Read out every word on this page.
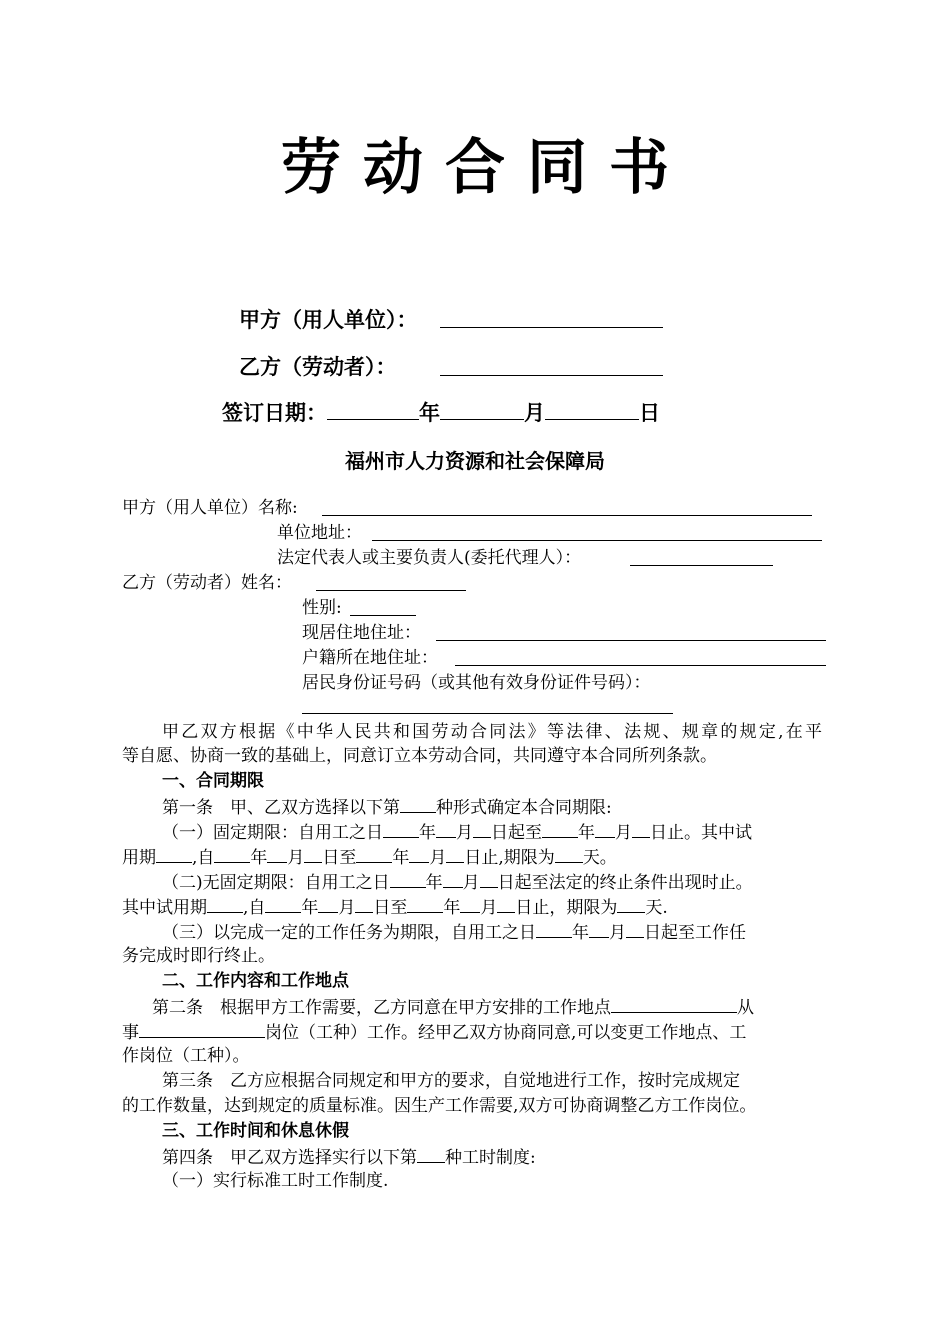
劳动合同书
甲方（用人单位）：
乙方（劳动者）：
签订日期：	年	月	日
福州市人力资源和社会保障局
甲方（用人单位）名称:
单位地址：
法定代表人或主要负责人(委托代理人）：
乙方（劳动者）姓名：
性别:
现居住地住址：
户籍所在地住址：
居民身份证号码（或其他有效身份证件号码）：
甲乙双方根据《中华人民共和国劳动合同法》等法律、法规、规章的规定,在平
等自愿、协商一致的基础上，同意订立本劳动合同，共同遵守本合同所列条款。
一、合同期限
第一条　甲、乙双方选择以下第 种形式确定本合同期限:
（一）固定期限：自用工之日 年 月 日起至 年 月 日止。其中试
用期 ,自 年 月 日至 年 月 日止,期限为 天。
（二)无固定期限：自用工之日 年 月 日起至法定的终止条件出现时止。
其中试用期 ,自 年 月 日至 年 月 日止，期限为 天.
（三）以完成一定的工作任务为期限，自用工之日 年 月 日起至工作任
务完成时即行终止。
二、工作内容和工作地点
第二条　根据甲方工作需要，乙方同意在甲方安排的工作地点	从
事	岗位（工种）工作。经甲乙双方协商同意,可以变更工作地点、工
作岗位（工种）。
第三条　乙方应根据合同规定和甲方的要求，自觉地进行工作，按时完成规定
的工作数量，达到规定的质量标准。因生产工作需要,双方可协商调整乙方工作岗位。
三、工作时间和休息休假
第四条　甲乙双方选择实行以下第 种工时制度:
（一）实行标准工时工作制度.
